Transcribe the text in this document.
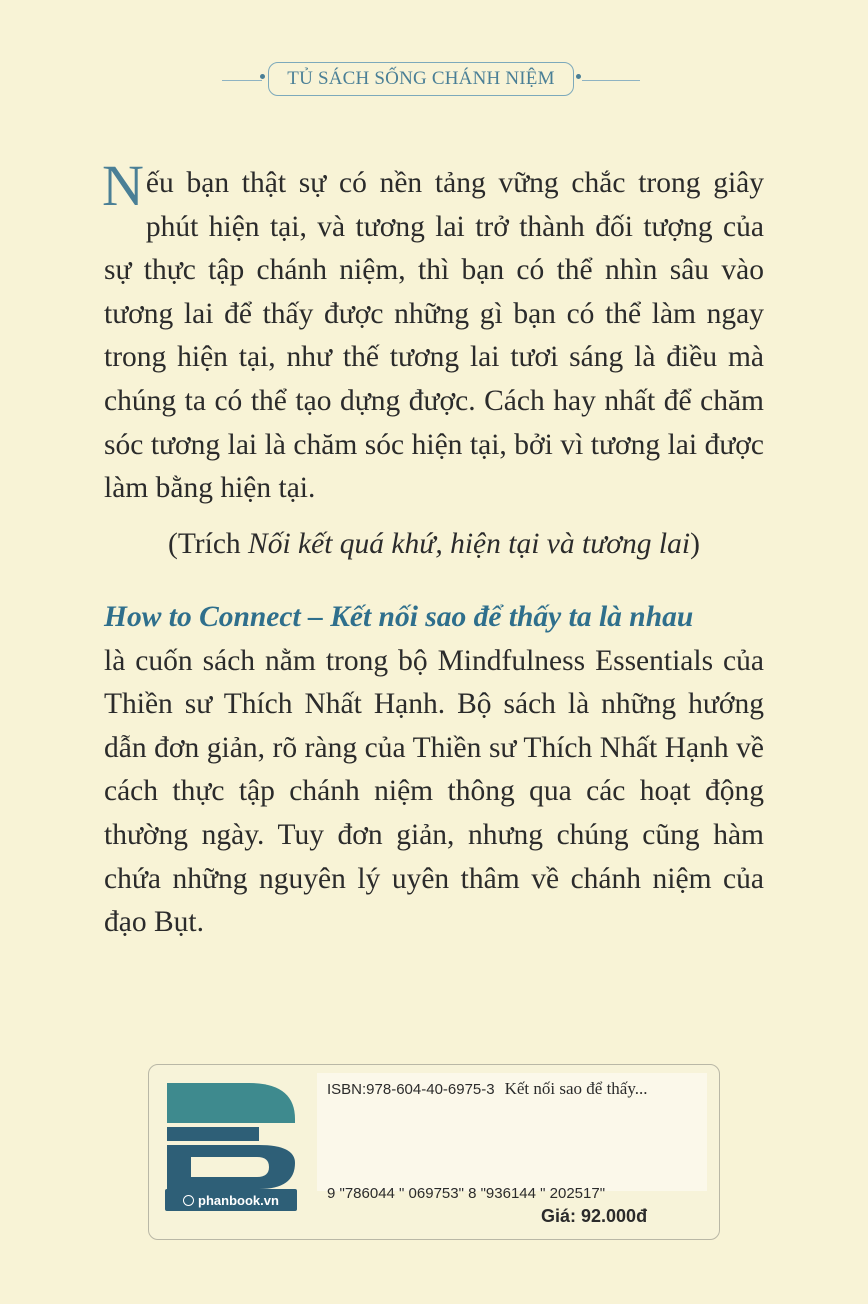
TỦ SÁCH SỐNG CHÁNH NIỆM
Nếu bạn thật sự có nền tảng vững chắc trong giây phút hiện tại, và tương lai trở thành đối tượng của sự thực tập chánh niệm, thì bạn có thể nhìn sâu vào tương lai để thấy được những gì bạn có thể làm ngay trong hiện tại, như thế tương lai tươi sáng là điều mà chúng ta có thể tạo dựng được. Cách hay nhất để chăm sóc tương lai là chăm sóc hiện tại, bởi vì tương lai được làm bằng hiện tại.
(Trích Nối kết quá khứ, hiện tại và tương lai)
How to Connect – Kết nối sao để thấy ta là nhau
là cuốn sách nằm trong bộ Mindfulness Essentials của Thiền sư Thích Nhất Hạnh. Bộ sách là những hướng dẫn đơn giản, rõ ràng của Thiền sư Thích Nhất Hạnh về cách thực tập chánh niệm thông qua các hoạt động thường ngày. Tuy đơn giản, nhưng chúng cũng hàm chứa những nguyên lý uyên thâm về chánh niệm của đạo Bụt.
phanbook.vn
ISBN:978-604-40-6975-3 Kết nối sao để thấy...
9 "786044 " 069753" 8 "936144 " 202517"
Giá: 92.000đ
